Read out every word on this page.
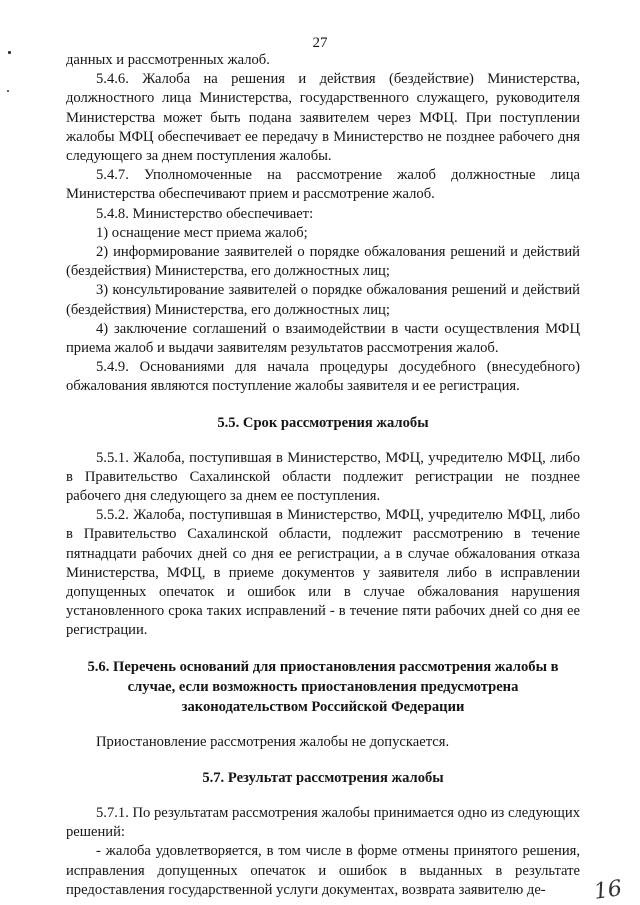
27

данных и рассмотренных жалоб.

5.4.6. Жалоба на решения и действия (бездействие) Министерства, должностного лица Министерства, государственного служащего, руководителя Министерства может быть подана заявителем через МФЦ. При поступлении жалобы МФЦ обеспечивает ее передачу в Министерство не позднее рабочего дня следующего за днем поступления жалобы.

5.4.7. Уполномоченные на рассмотрение жалоб должностные лица Министерства обеспечивают прием и рассмотрение жалоб.

5.4.8. Министерство обеспечивает:

1) оснащение мест приема жалоб;

2) информирование заявителей о порядке обжалования решений и действий (бездействия) Министерства, его должностных лиц;

3) консультирование заявителей о порядке обжалования решений и действий (бездействия) Министерства, его должностных лиц;

4) заключение соглашений о взаимодействии в части осуществления МФЦ приема жалоб и выдачи заявителям результатов рассмотрения жалоб.

5.4.9. Основаниями для начала процедуры досудебного (внесудебного) обжалования являются поступление жалобы заявителя и ее регистрация.

5.5. Срок рассмотрения жалобы

5.5.1. Жалоба, поступившая в Министерство, МФЦ, учредителю МФЦ, либо в Правительство Сахалинской области подлежит регистрации не позднее рабочего дня следующего за днем ее поступления.

5.5.2. Жалоба, поступившая в Министерство, МФЦ, учредителю МФЦ, либо в Правительство Сахалинской области, подлежит рассмотрению в течение пятнадцати рабочих дней со дня ее регистрации, а в случае обжалования отказа Министерства, МФЦ, в приеме документов у заявителя либо в исправлении допущенных опечаток и ошибок или в случае обжалования нарушения установленного срока таких исправлений - в течение пяти рабочих дней со дня ее регистрации.

5.6. Перечень оснований для приостановления рассмотрения жалобы в случае, если возможность приостановления предусмотрена законодательством Российской Федерации

Приостановление рассмотрения жалобы не допускается.

5.7. Результат рассмотрения жалобы

5.7.1. По результатам рассмотрения жалобы принимается одно из следующих решений:

- жалоба удовлетворяется, в том числе в форме отмены принятого решения, исправления допущенных опечаток и ошибок в выданных в результате предоставления государственной услуги документах, возврата заявителю де-	16
